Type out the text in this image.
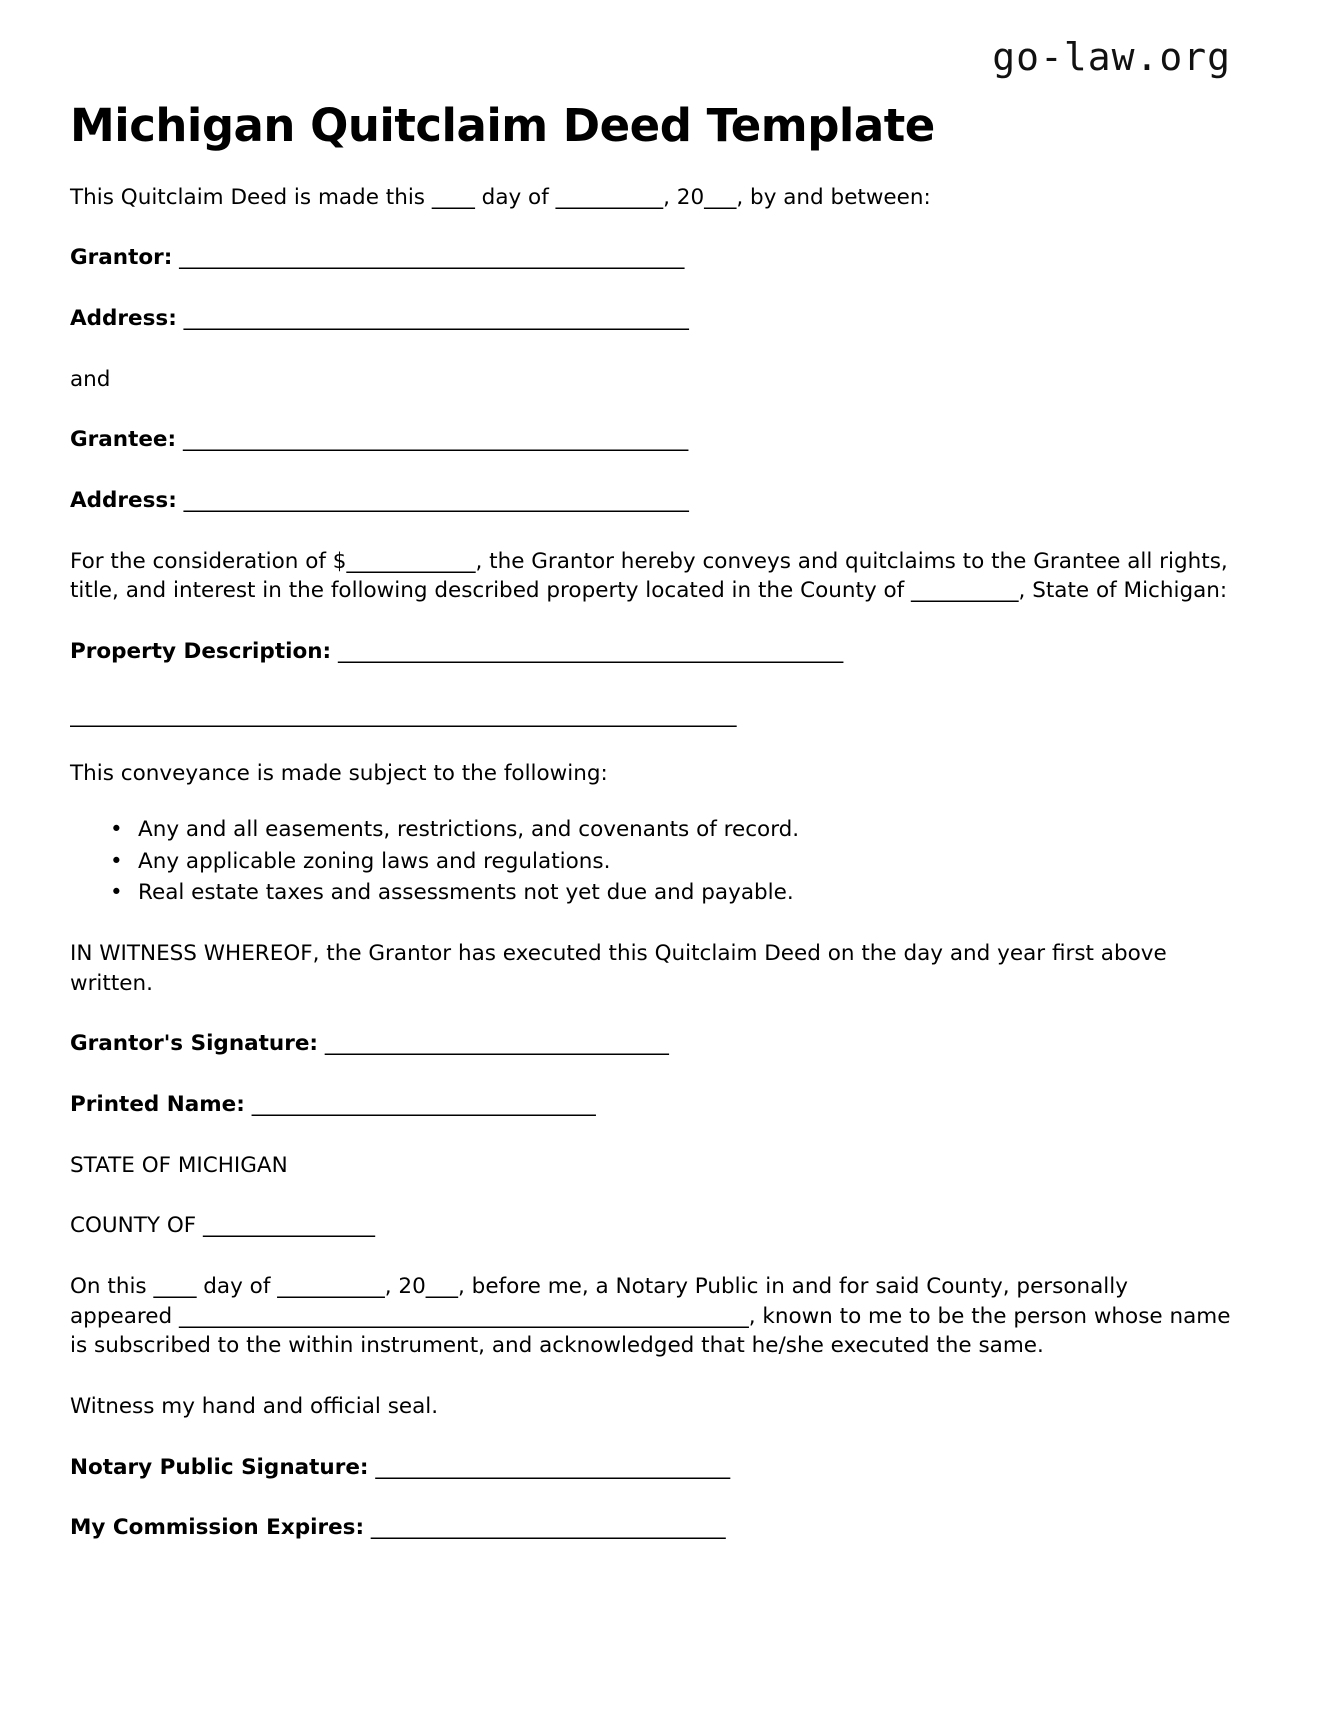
go-law.org
Michigan Quitclaim Deed Template

This Quitclaim Deed is made this ____ day of __________, 20___, by and between:

Grantor: _______________________________________________

Address: _______________________________________________

and

Grantee: _______________________________________________

Address: _______________________________________________

For the consideration of $____________, the Grantor hereby conveys and quitclaims to the Grantee all rights, title, and interest in the following described property located in the County of __________, State of Michigan:

Property Description: _______________________________________________

______________________________________________________________

This conveyance is made subject to the following:

• Any and all easements, restrictions, and covenants of record.
• Any applicable zoning laws and regulations.
• Real estate taxes and assessments not yet due and payable.

IN WITNESS WHEREOF, the Grantor has executed this Quitclaim Deed on the day and year first above written.

Grantor's Signature: ________________________________

Printed Name: ________________________________

STATE OF MICHIGAN

COUNTY OF ________________

On this ____ day of __________, 20___, before me, a Notary Public in and for said County, personally appeared _____________________________________________________, known to me to be the person whose name is subscribed to the within instrument, and acknowledged that he/she executed the same.

Witness my hand and official seal.

Notary Public Signature: _________________________________

My Commission Expires: _________________________________
